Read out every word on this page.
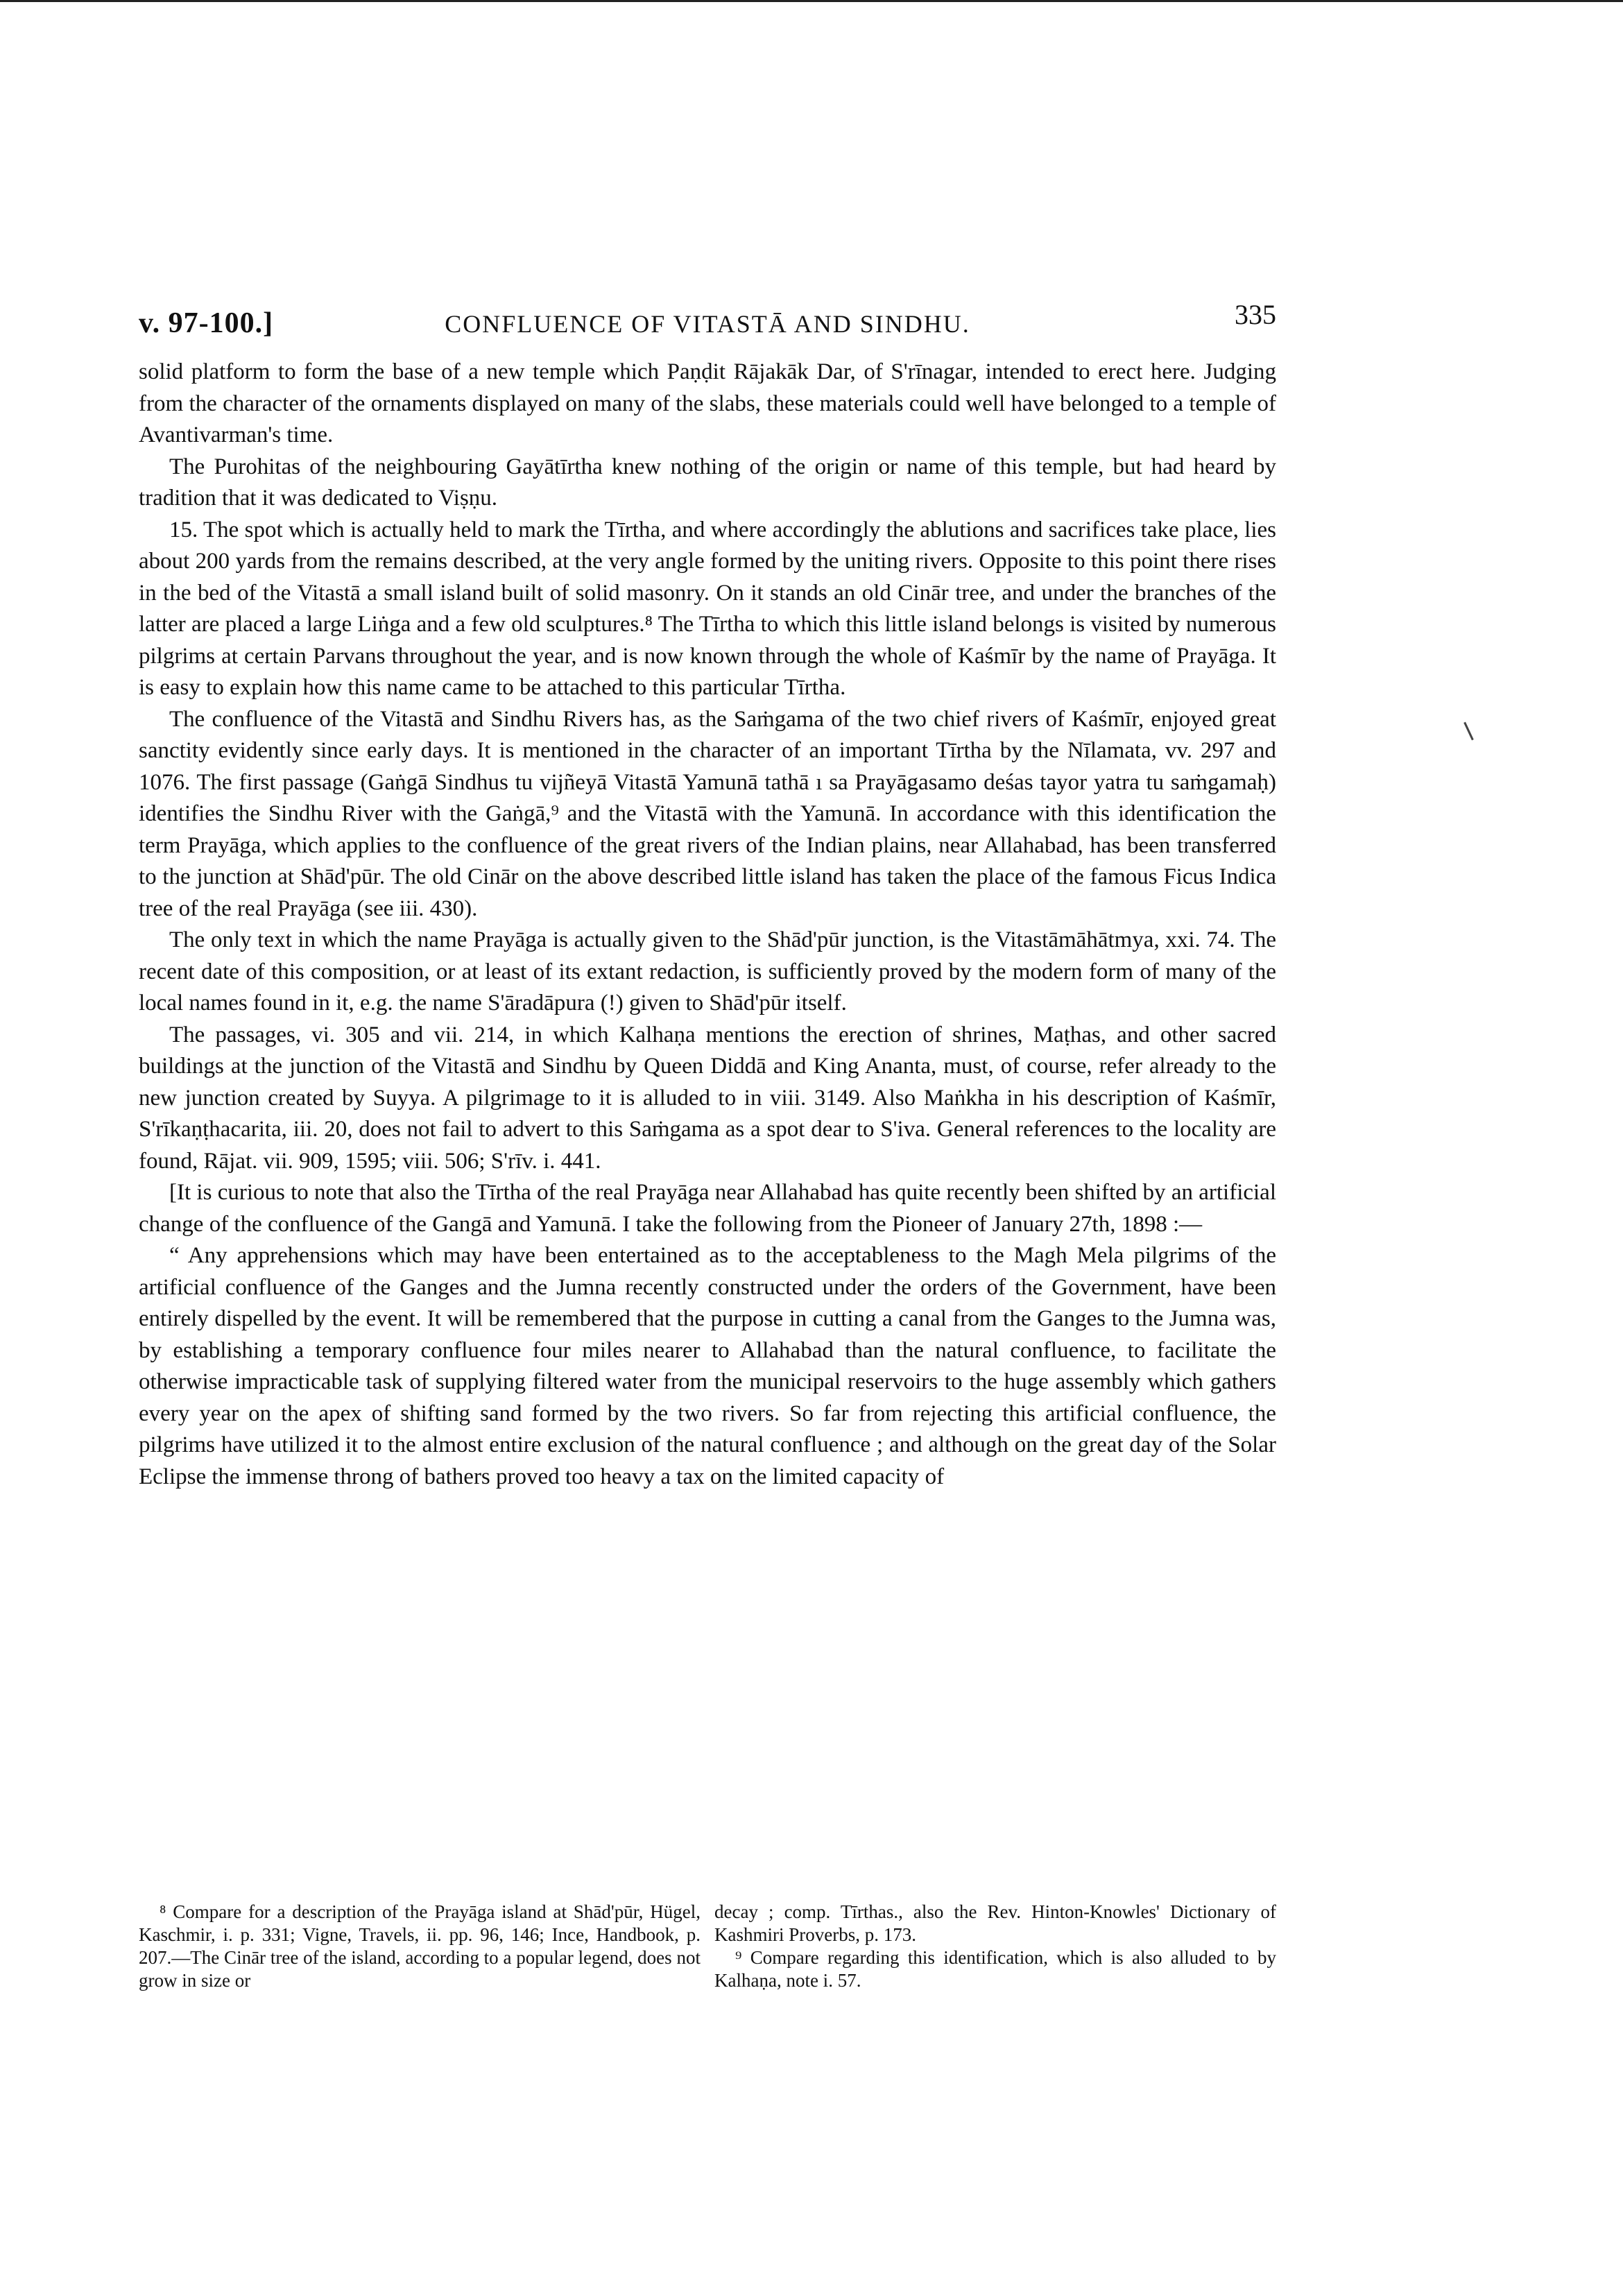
v. 97-100.]	CONFLUENCE OF VITASTĀ AND SINDHU.	335

solid platform to form the base of a new temple which Paṇḍit Rājakāk Dar, of S'rīnagar, intended to erect here. Judging from the character of the ornaments displayed on many of the slabs, these materials could well have belonged to a temple of Avantivarman's time.

The Purohitas of the neighbouring Gayātīrtha knew nothing of the origin or name of this temple, but had heard by tradition that it was dedicated to Viṣṇu.

15. The spot which is actually held to mark the Tīrtha, and where accordingly the ablutions and sacrifices take place, lies about 200 yards from the remains described, at the very angle formed by the uniting rivers. Opposite to this point there rises in the bed of the Vitastā a small island built of solid masonry. On it stands an old Cinār tree, and under the branches of the latter are placed a large Liṅga and a few old sculptures.⁸ The Tīrtha to which this little island belongs is visited by numerous pilgrims at certain Parvans throughout the year, and is now known through the whole of Kaśmīr by the name of Prayāga. It is easy to explain how this name came to be attached to this particular Tīrtha.

The confluence of the Vitastā and Sindhu Rivers has, as the Saṁgama of the two chief rivers of Kaśmīr, enjoyed great sanctity evidently since early days. It is mentioned in the character of an important Tīrtha by the Nīlamata, vv. 297 and 1076. The first passage (Gaṅgā Sindhus tu vijñeyā Vitastā Yamunā tathā ı sa Prayāgasamo deśas tayor yatra tu saṁgamaḥ) identifies the Sindhu River with the Gaṅgā,⁹ and the Vitastā with the Yamunā. In accordance with this identification the term Prayāga, which applies to the confluence of the great rivers of the Indian plains, near Allahabad, has been transferred to the junction at Shād'pūr. The old Cinār on the above described little island has taken the place of the famous Ficus Indica tree of the real Prayāga (see iii. 430).

The only text in which the name Prayāga is actually given to the Shād'pūr junction, is the Vitastāmāhātmya, xxi. 74. The recent date of this composition, or at least of its extant redaction, is sufficiently proved by the modern form of many of the local names found in it, e.g. the name S'āradāpura (!) given to Shād'pūr itself.

The passages, vi. 305 and vii. 214, in which Kalhaṇa mentions the erection of shrines, Maṭhas, and other sacred buildings at the junction of the Vitastā and Sindhu by Queen Diddā and King Ananta, must, of course, refer already to the new junction created by Suyya. A pilgrimage to it is alluded to in viii. 3149. Also Maṅkha in his description of Kaśmīr, S'rīkaṇṭhacarita, iii. 20, does not fail to advert to this Saṁgama as a spot dear to S'iva. General references to the locality are found, Rājat. vii. 909, 1595; viii. 506; S'rīv. i. 441.

[It is curious to note that also the Tīrtha of the real Prayāga near Allahabad has quite recently been shifted by an artificial change of the confluence of the Gangā and Yamunā. I take the following from the Pioneer of January 27th, 1898 :—

“ Any apprehensions which may have been entertained as to the acceptableness to the Magh Mela pilgrims of the artificial confluence of the Ganges and the Jumna recently constructed under the orders of the Government, have been entirely dispelled by the event. It will be remembered that the purpose in cutting a canal from the Ganges to the Jumna was, by establishing a temporary confluence four miles nearer to Allahabad than the natural confluence, to facilitate the otherwise impracticable task of supplying filtered water from the municipal reservoirs to the huge assembly which gathers every year on the apex of shifting sand formed by the two rivers. So far from rejecting this artificial confluence, the pilgrims have utilized it to the almost entire exclusion of the natural confluence ; and although on the great day of the Solar Eclipse the immense throng of bathers proved too heavy a tax on the limited capacity of

⁸ Compare for a description of the Prayāga island at Shād'pūr, Hügel, Kaschmir, i. p. 331; Vigne, Travels, ii. pp. 96, 146; Ince, Handbook, p. 207.—The Cinār tree of the island, according to a popular legend, does not grow in size or

decay ; comp. Tīrthas., also the Rev. Hinton-Knowles' Dictionary of Kashmiri Proverbs, p. 173.

⁹ Compare regarding this identification, which is also alluded to by Kalhaṇa, note i. 57.
